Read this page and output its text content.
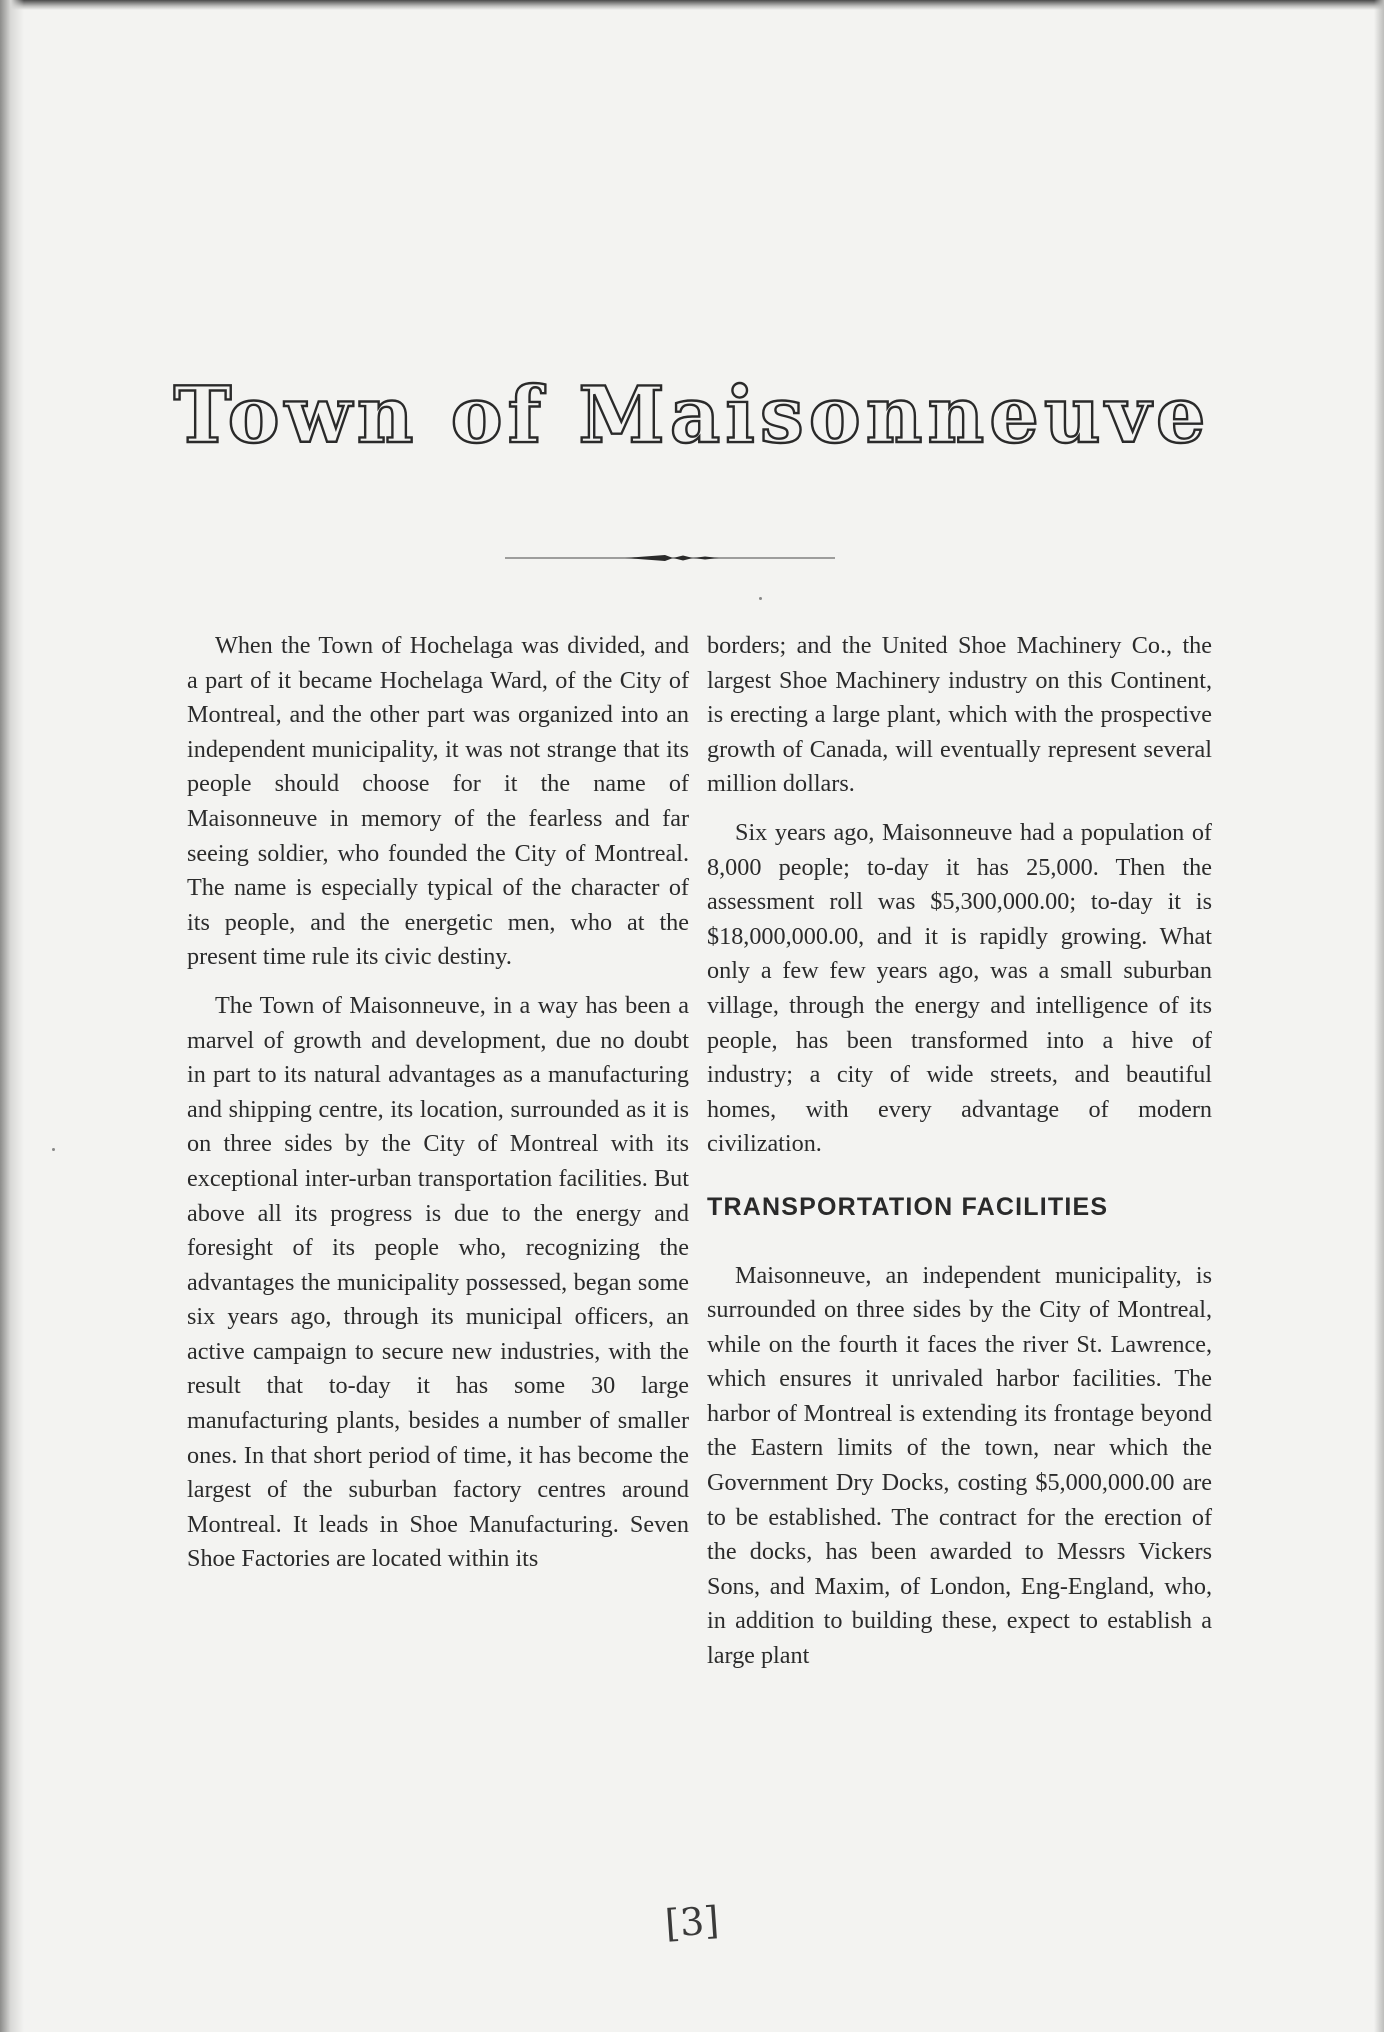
Town of Maisonneuve

When the Town of Hochelaga was divided, and a part of it became Hochelaga Ward, of the City of Montreal, and the other part was organized into an independent municipality, it was not strange that its people should choose for it the name of Maisonneuve in memory of the fearless and far seeing soldier, who founded the City of Montreal. The name is especially typical of the character of its people, and the energetic men, who at the present time rule its civic destiny.

The Town of Maisonneuve, in a way has been a marvel of growth and development, due no doubt in part to its natural advantages as a manufacturing and shipping centre, its location, surrounded as it is on three sides by the City of Montreal with its exceptional inter-urban transportation facilities. But above all its progress is due to the energy and foresight of its people who, recognizing the advantages the municipality possessed, began some six years ago, through its municipal officers, an active campaign to secure new industries, with the result that to-day it has some 30 large manufacturing plants, besides a number of smaller ones. In that short period of time, it has become the largest of the suburban factory centres around Montreal. It leads in Shoe Manufacturing. Seven Shoe Factories are located within its

borders; and the United Shoe Machinery Co., the largest Shoe Machinery industry on this Continent, is erecting a large plant, which with the prospective growth of Canada, will eventually represent several million dollars.

Six years ago, Maisonneuve had a population of 8,000 people; to-day it has 25,000. Then the assessment roll was $5,300,000.00; to-day it is $18,000,000.00, and it is rapidly growing. What only a few few years ago, was a small suburban village, through the energy and intelligence of its people, has been transformed into a hive of industry; a city of wide streets, and beautiful homes, with every advantage of modern civilization.

TRANSPORTATION FACILITIES

Maisonneuve, an independent municipality, is surrounded on three sides by the City of Montreal, while on the fourth it faces the river St. Lawrence, which ensures it unrivaled harbor facilities. The harbor of Montreal is extending its frontage beyond the Eastern limits of the town, near which the Government Dry Docks, costing $5,000,000.00 are to be established. The contract for the erection of the docks, has been awarded to Messrs Vickers Sons, and Maxim, of London, Eng-England, who, in addition to building these, expect to establish a large plant

[3]
